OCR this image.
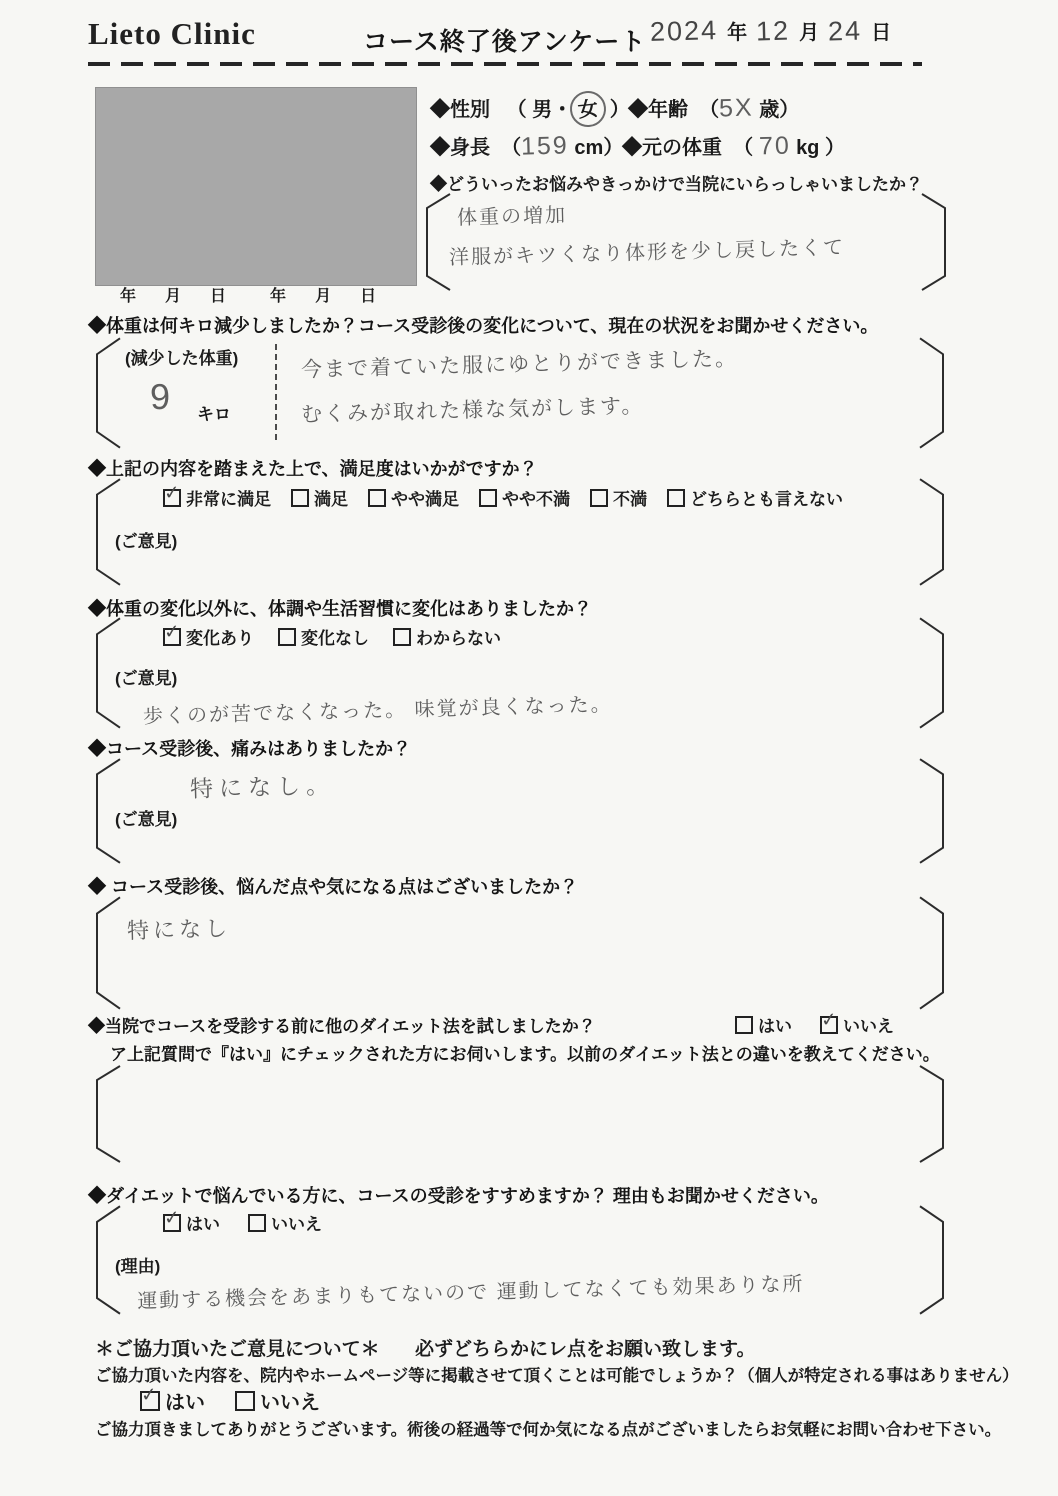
Lieto Clinic	コース終了後アンケート 2024 年 12 月 24 日
年 月 日	年 月 日
◆性別 （ 男・ 女 ）
◆年齢 （5X 歳）
◆身長 （159 cm）
◆元の体重 （ 70 kg ）
◆どういったお悩みやきっかけで当院にいらっしゃいましたか？
体重の増加
洋服がキツくなり体形を少し戻したくて
◆体重は何キロ減少しましたか？コース受診後の変化について、現在の状況をお聞かせください。
(減少した体重)
9 キロ
今まで着ていた服にゆとりができました。
むくみが取れた様な気がします。
◆上記の内容を踏まえた上で、満足度はいかがですか？
✓
非常に満足	満足	やや満足	やや不満	不満	どちらとも言えない
(ご意見)
◆体重の変化以外に、体調や生活習慣に変化はありましたか？
✓
変化あり	変化なし	わからない
(ご意見)
歩くのが苦でなくなった。 味覚が良くなった。
◆コース受診後、痛みはありましたか？
特になし。
(ご意見)
◆ コース受診後、悩んだ点や気になる点はございましたか？
特になし
◆当院でコースを受診する前に他のダイエット法を試しましたか？	はい ✓	いいえ
ア上記質問で『はい』にチェックされた方にお伺いします。以前のダイエット法との違いを教えてください。
◆ダイエットで悩んでいる方に、コースの受診をすすめますか？ 理由もお聞かせください。
✓
はい	いいえ
(理由)
運動する機会をあまりもてないので 運動してなくても効果ありな所
＊ご協力頂いたご意見について＊ 必ずどちらかにレ点をお願い致します。
ご協力頂いた内容を、院内やホームページ等に掲載させて頂くことは可能でしょうか？（個人が特定される事はありません）
✓
はい	いいえ
ご協力頂きましてありがとうございます。術後の経過等で何か気になる点がございましたらお気軽にお問い合わせ下さい。
